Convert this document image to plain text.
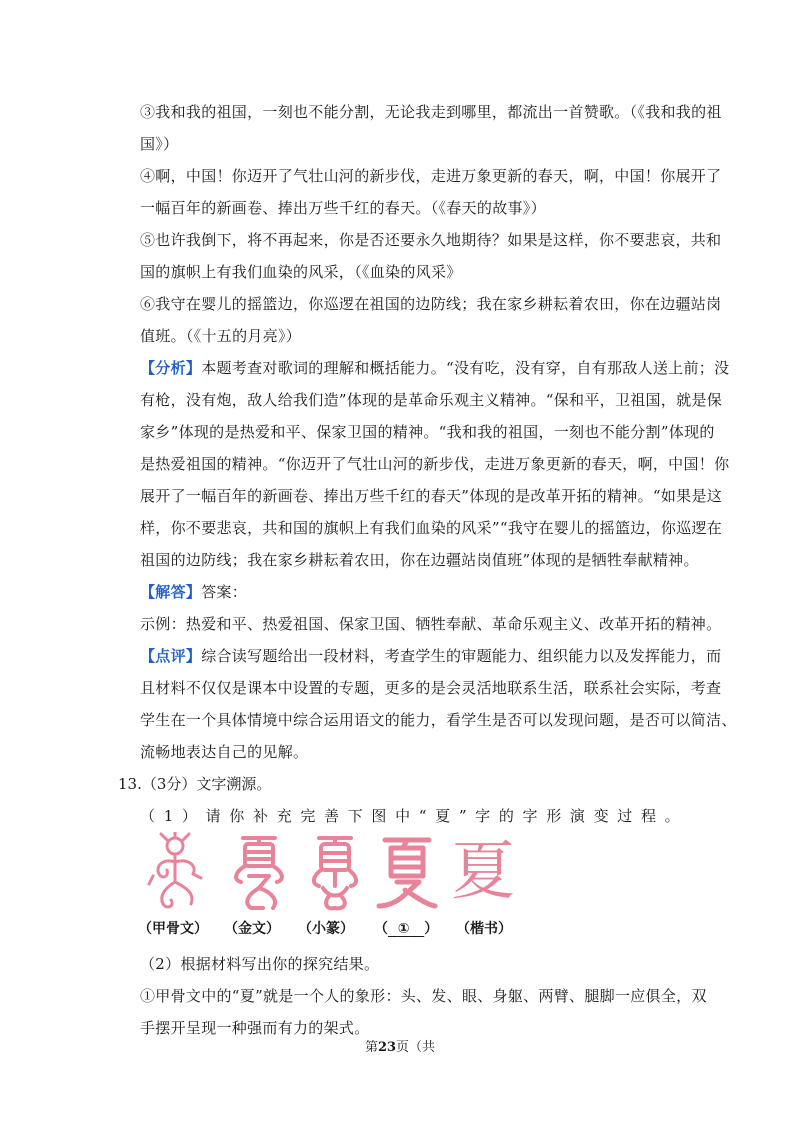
③我和我的祖国，一刻也不能分割，无论我走到哪里，都流出一首赞歌。（《我和我的祖
国》）
④啊，中国！你迈开了气壮山河的新步伐，走进万象更新的春天，啊，中国！你展开了
一幅百年的新画卷、捧出万些千红的春天。（《春天的故事》）
⑤也许我倒下，将不再起来，你是否还要永久地期待？如果是这样，你不要悲哀，共和
国的旗帜上有我们血染的风采，（《血染的风采》
⑥我守在婴儿的摇篮边，你巡逻在祖国的边防线；我在家乡耕耘着农田，你在边疆站岗
值班。（《十五的月亮》）
【分析】本题考查对歌词的理解和概括能力。“没有吃，没有穿，自有那敌人送上前；没
有枪，没有炮，敌人给我们造”体现的是革命乐观主义精神。“保和平，卫祖国，就是保
家乡”体现的是热爱和平、保家卫国的精神。“我和我的祖国，一刻也不能分割”体现的
是热爱祖国的精神。“你迈开了气壮山河的新步伐，走进万象更新的春天，啊，中国！你
展开了一幅百年的新画卷、捧出万些千红的春天”体现的是改革开拓的精神。“如果是这
样，你不要悲哀，共和国的旗帜上有我们血染的风采”“我守在婴儿的摇篮边，你巡逻在
祖国的边防线；我在家乡耕耘着农田，你在边疆站岗值班”体现的是牺牲奉献精神。
【解答】答案：
示例：热爱和平、热爱祖国、保家卫国、牺牲奉献、革命乐观主义、改革开拓的精神。
【点评】综合读写题给出一段材料，考查学生的审题能力、组织能力以及发挥能力，而
且材料不仅仅是课本中设置的专题，更多的是会灵活地联系生活，联系社会实际，考查
学生在一个具体情境中综合运用语文的能力，看学生是否可以发现问题，是否可以简洁、
流畅地表达自己的见解。
13.（3分）文字溯源。
（ 1 ） 请 你 补 充 完 善 下 图 中 “ 夏 ” 字 的 字 形 演 变 过 程 。
夏
（甲骨文） （金文） （小篆） （ ① ） （楷书）
（2）根据材料写出你的探究结果。
①甲骨文中的“夏”就是一个人的象形：头、发、眼、身躯、两臂、腿脚一应俱全，双
手摆开呈现一种强而有力的架式。
第23页（共
